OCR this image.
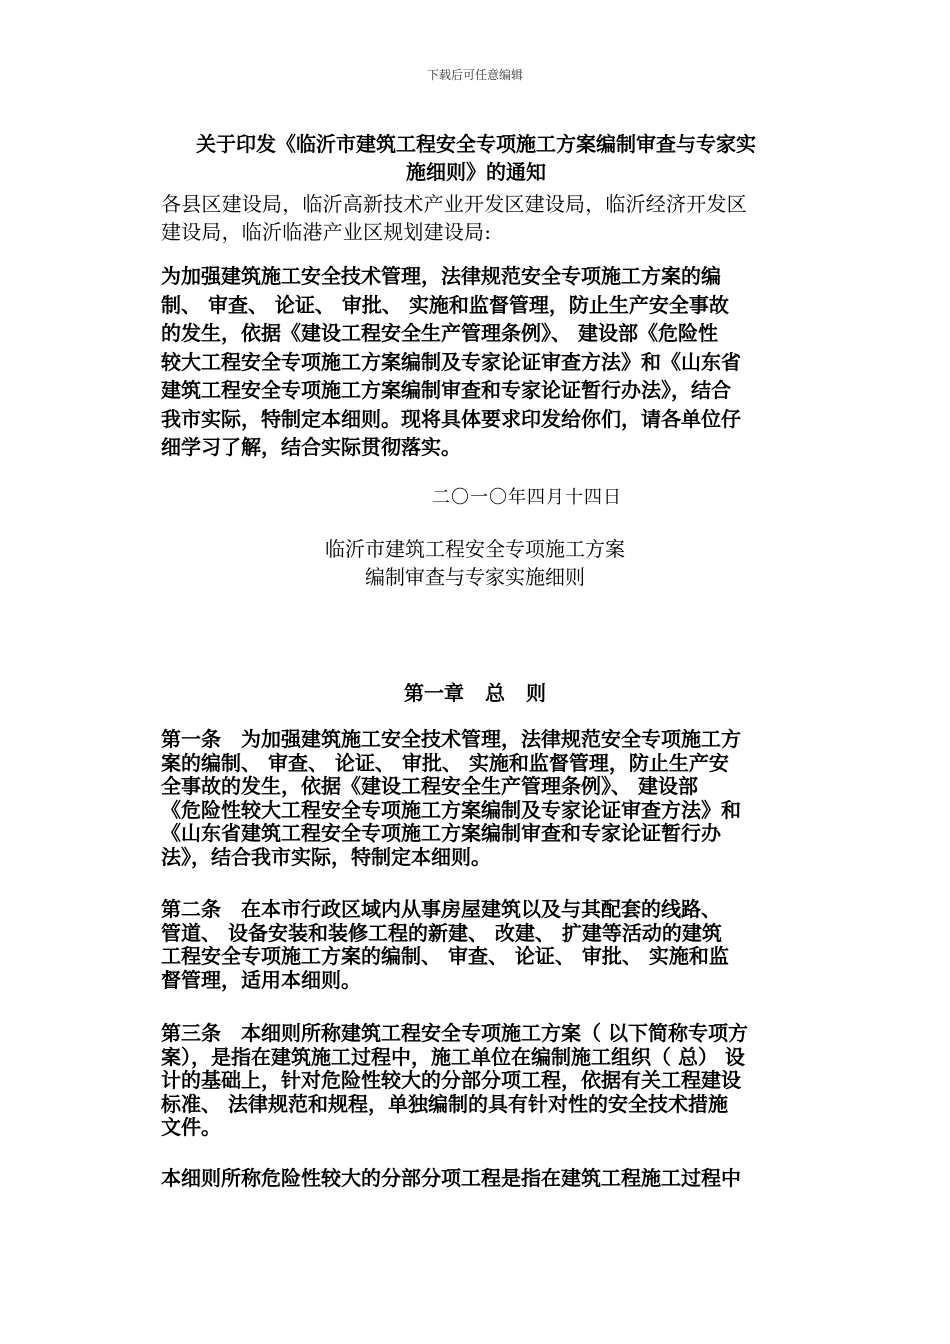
下载后可任意编辑
关于印发《临沂市建筑工程安全专项施工方案编制审查与专家实
施细则》的通知
各县区建设局，临沂高新技术产业开发区建设局，临沂经济开发区
建设局，临沂临港产业区规划建设局:

为加强建筑施工安全技术管理，法律规范安全专项施工方案的编

制、 审查、 论证、 审批、 实施和监督管理，防止生产安全事故

的发生，依据《建设工程安全生产管理条例》、 建设部《危险性

较大工程安全专项施工方案编制及专家论证审查方法》和《山东省

建筑工程安全专项施工方案编制审查和专家论证暂行办法》，结合

我市实际，特制定本细则。现将具体要求印发给你们，请各单位仔

细学习了解，结合实际贯彻落实。

二〇一〇年四月十四日
临沂市建筑工程安全专项施工方案
编制审查与专家实施细则
第一章 总 则

第一条　为加强建筑施工安全技术管理，法律规范安全专项施工方

案的编制、 审查、 论证、 审批、 实施和监督管理，防止生产安

全事故的发生，依据《建设工程安全生产管理条例》、 建设部

《危险性较大工程安全专项施工方案编制及专家论证审查方法》和

《山东省建筑工程安全专项施工方案编制审查和专家论证暂行办

法》，结合我市实际，特制定本细则。

第二条　在本市行政区域内从事房屋建筑以及与其配套的线路、

管道、 设备安装和装修工程的新建、 改建、 扩建等活动的建筑

工程安全专项施工方案的编制、 审查、 论证、 审批、 实施和监

督管理，适用本细则。

第三条　本细则所称建筑工程安全专项施工方案（ 以下简称专项方

案），是指在建筑施工过程中，施工单位在编制施工组织（ 总） 设

计的基础上，针对危险性较大的分部分项工程，依据有关工程建设

标准、 法律规范和规程，单独编制的具有针对性的安全技术措施

文件。

本细则所称危险性较大的分部分项工程是指在建筑工程施工过程中
